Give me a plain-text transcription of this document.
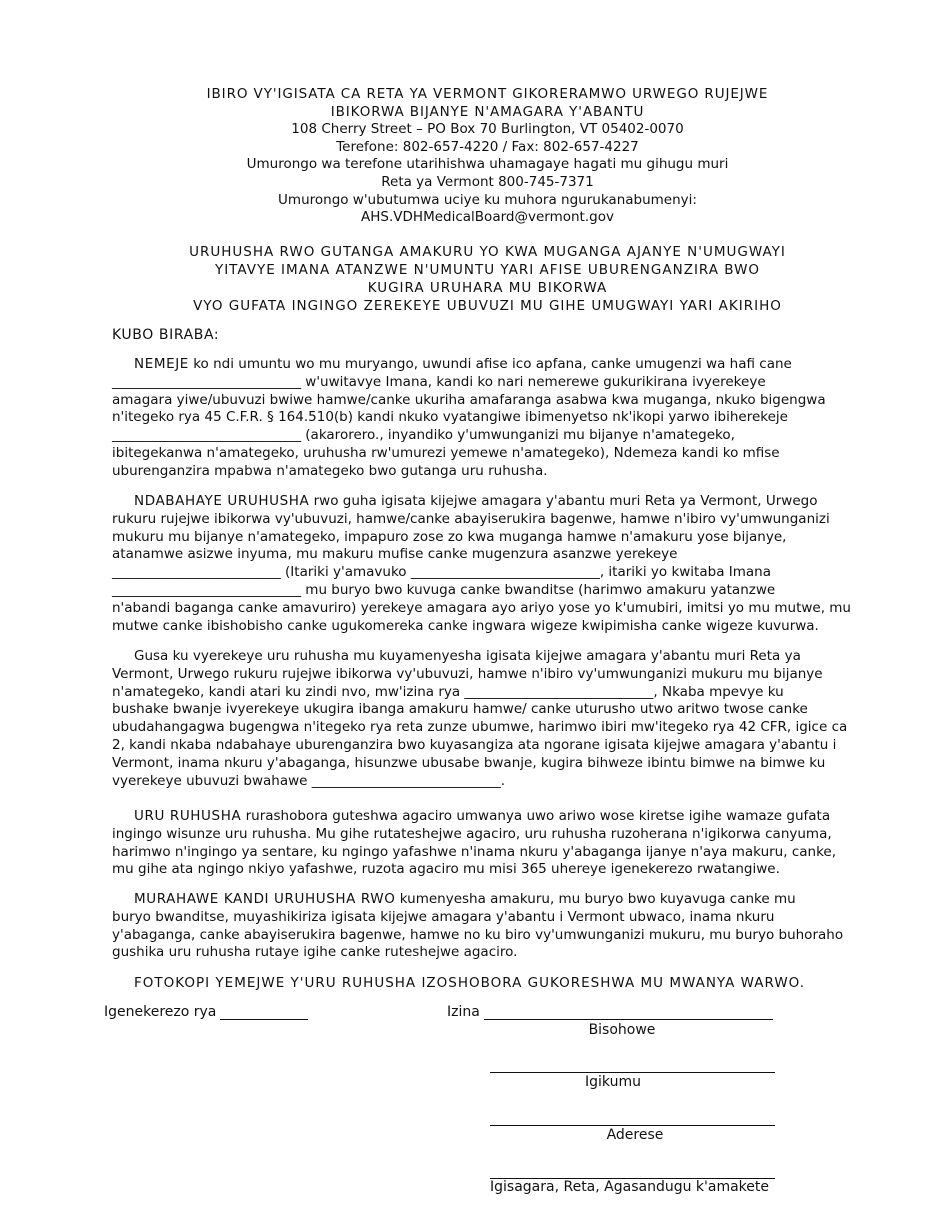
IBIRO VY'IGISATA CA RETA YA VERMONT GIKORERAMWO URWEGO RUJEJWE
IBIKORWA BIJANYE N'AMAGARA Y'ABANTU
108 Cherry Street – PO Box 70 Burlington, VT 05402-0070
Terefone: 802-657-4220 / Fax: 802-657-4227
Umurongo wa terefone utarihishwa uhamagaye hagati mu gihugu muri
Reta ya Vermont 800-745-7371
Umurongo w'ubutumwa uciye ku muhora ngurukanabumenyi:
AHS.VDHMedicalBoard@vermont.gov
URUHUSHA RWO GUTANGA AMAKURU YO KWA MUGANGA AJANYE N'UMUGWAYI
YITAVYE IMANA ATANZWE N'UMUNTU YARI AFISE UBURENGANZIRA BWO
KUGIRA URUHARA MU BIKORWA
VYO GUFATA INGINGO ZEREKEYE UBUVUZI MU GIHE UMUGWAYI YARI AKIRIHO
KUBO BIRABA:
NEMEJE ko ndi umuntu wo mu muryango, uwundi afise ico apfana, canke umugenzi wa hafi cane
____________________________ w'uwitavye Imana, kandi ko nari nemerewe gukurikirana ivyerekeye
amagara yiwe/ubuvuzi bwiwe hamwe/canke ukuriha amafaranga asabwa kwa muganga, nkuko bigengwa
n'itegeko rya 45 C.F.R. § 164.510(b) kandi nkuko vyatangiwe ibimenyetso nk'ikopi yarwo ibiherekeje
____________________________ (akarorero., inyandiko y'umwunganizi mu bijanye n'amategeko,
ibitegekanwa n'amategeko, uruhusha rw'umurezi yemewe n'amategeko), Ndemeza kandi ko mfise
uburenganzira mpabwa n'amategeko bwo gutanga uru ruhusha.
NDABAHAYE URUHUSHA rwo guha igisata kijejwe amagara y'abantu muri Reta ya Vermont, Urwego
rukuru rujejwe ibikorwa vy'ubuvuzi, hamwe/canke abayiserukira bagenwe, hamwe n'ibiro vy'umwunganizi
mukuru mu bijanye n'amategeko, impapuro zose zo kwa muganga hamwe n'amakuru yose bijanye,
atanamwe asizwe inyuma, mu makuru mufise canke mugenzura asanzwe yerekeye
_________________________ (Itariki y'amavuko ____________________________, itariki yo kwitaba Imana
____________________________ mu buryo bwo kuvuga canke bwanditse (harimwo amakuru yatanzwe
n'abandi baganga canke amavuriro) yerekeye amagara ayo ariyo yose yo k'umubiri, imitsi yo mu mutwe, mu
mutwe canke ibishobisho canke ugukomereka canke ingwara wigeze kwipimisha canke wigeze kuvurwa.
Gusa ku vyerekeye uru ruhusha mu kuyamenyesha igisata kijejwe amagara y'abantu muri Reta ya
Vermont, Urwego rukuru rujejwe ibikorwa vy'ubuvuzi, hamwe n'ibiro vy'umwunganizi mukuru mu bijanye
n'amategeko, kandi atari ku zindi nvo, mw'izina rya ____________________________, Nkaba mpevye ku
bushake bwanje ivyerekeye ukugira ibanga amakuru hamwe/ canke uturusho utwo aritwo twose canke
ubudahangagwa bugengwa n'itegeko rya reta zunze ubumwe, harimwo ibiri mw'itegeko rya 42 CFR, igice ca
2, kandi nkaba ndabahaye uburenganzira bwo kuyasangiza ata ngorane igisata kijejwe amagara y'abantu i
Vermont, inama nkuru y'abaganga, hisunzwe ubusabe bwanje, kugira bihweze ibintu bimwe na bimwe ku
vyerekeye ubuvuzi bwahawe ____________________________.
URU RUHUSHA rurashobora guteshwa agaciro umwanya uwo ariwo wose kiretse igihe wamaze gufata
ingingo wisunze uru ruhusha. Mu gihe rutateshejwe agaciro, uru ruhusha ruzoherana n'igikorwa canyuma,
harimwo n'ingingo ya sentare, ku ngingo yafashwe n'inama nkuru y'abaganga ijanye n'aya makuru, canke,
mu gihe ata ngingo nkiyo yafashwe, ruzota agaciro mu misi 365 uhereye igenekerezo rwatangiwe.
MURAHAWE KANDI URUHUSHA RWO kumenyesha amakuru, mu buryo bwo kuyavuga canke mu
buryo bwanditse, muyashikiriza igisata kijejwe amagara y'abantu i Vermont ubwaco, inama nkuru
y'abaganga, canke abayiserukira bagenwe, hamwe no ku biro vy'umwunganizi mukuru, mu buryo buhoraho
gushika uru ruhusha rutaye igihe canke ruteshejwe agaciro.
FOTOKOPI YEMEJWE Y'URU RUHUSHA IZOSHOBORA GUKORESHWA MU MWANYA WARWO.
Igenekerezo rya	Izina
Bisohowe
Igikumu
Aderese
Igisagara, Reta, Agasandugu k'amakete
